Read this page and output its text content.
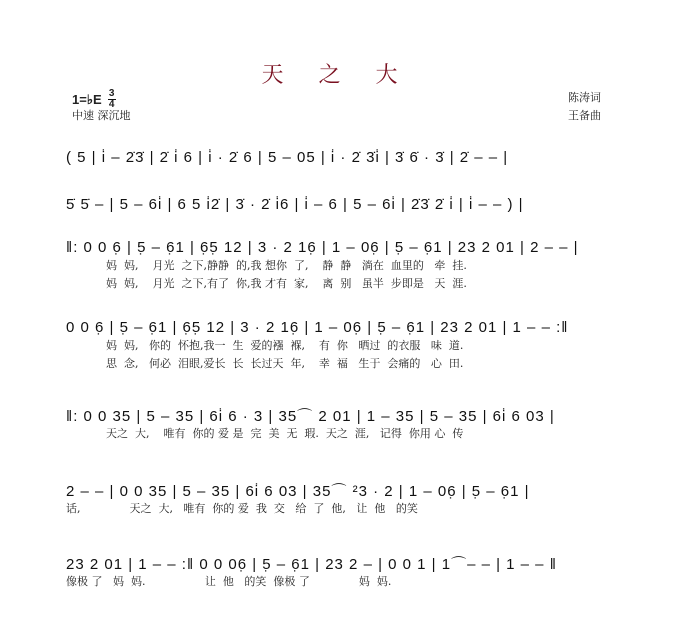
天 之 大
1=♭E $\frac{3}{4}$
中速 深沉地
陈涛词
王备曲
( 5 | i̇ – 2̇3̇ | 2̇ i̇ 6 | i̇ · 2̇ 6 | 5 – 05 | i̇ · 2̇ 3̇i̇ | 3̇ 6̇ · 3̇ | 2̇ – – |
5̇ 5̇ – | 5 – 6i̇ | 6 5 i̇2̇ | 3̇ · 2̇ i̇6 | i̇ – 6 | 5 – 6i̇ | 2̇3̇ 2̇ i̇ | i̇ – – ) |
‖: 0 0 6̣ | 5̣ – 6̣1 | 6̣5̣ 12 | 3 · 2 16̣ | 1 – 06̣ | 5̣ – 6̣1 | 23 2 01 | 2 – – |
妈  妈,    月光  之下,静静  的,我 想你  了,    静  静   淌在  血里的   牵  挂.
妈  妈,    月光  之下,有了  你,我 才有  家,    离  别   虽半  步即是   天  涯.
0 0 6̣ | 5̣ – 6̣1 | 6̣5̣ 12 | 3 · 2 16̣ | 1 – 06̣ | 5̣ – 6̣1 | 23 2 01 | 1 – – :‖
妈  妈,   你的  怀抱,我一  生  爱的襁  褓,    有  你   晒过  的衣服   味  道.
思  念,   何必  泪眼,爱长  长  长过天  年,    幸  福   生于  会痛的   心  田.
‖: 0 0 35 | 5 – 35 | 6i̇ 6 · 3 | 35⌒ 2 01 | 1 – 35 | 5 – 35 | 6i̇ 6 03 |
天之  大,    唯有  你的 爱 是  完  美  无  瑕.  天之  涯,   记得  你用 心  传
2 – – | 0 0 35 | 5 – 35 | 6i̇ 6 03 | 35⌒ ²3 · 2 | 1 – 06̣ | 5̣ – 6̣1 |
话,              天之  大,   唯有  你的 爱  我  交   给  了  他,   让  他   的笑
23 2 01 | 1 – – :‖ 0 0 06̣ | 5̣ – 6̣1 | 23 2 – | 0 0 1 | 1⌒– – | 1 – – ‖
像极 了   妈  妈.                 让  他   的笑  像极 了              妈  妈.
